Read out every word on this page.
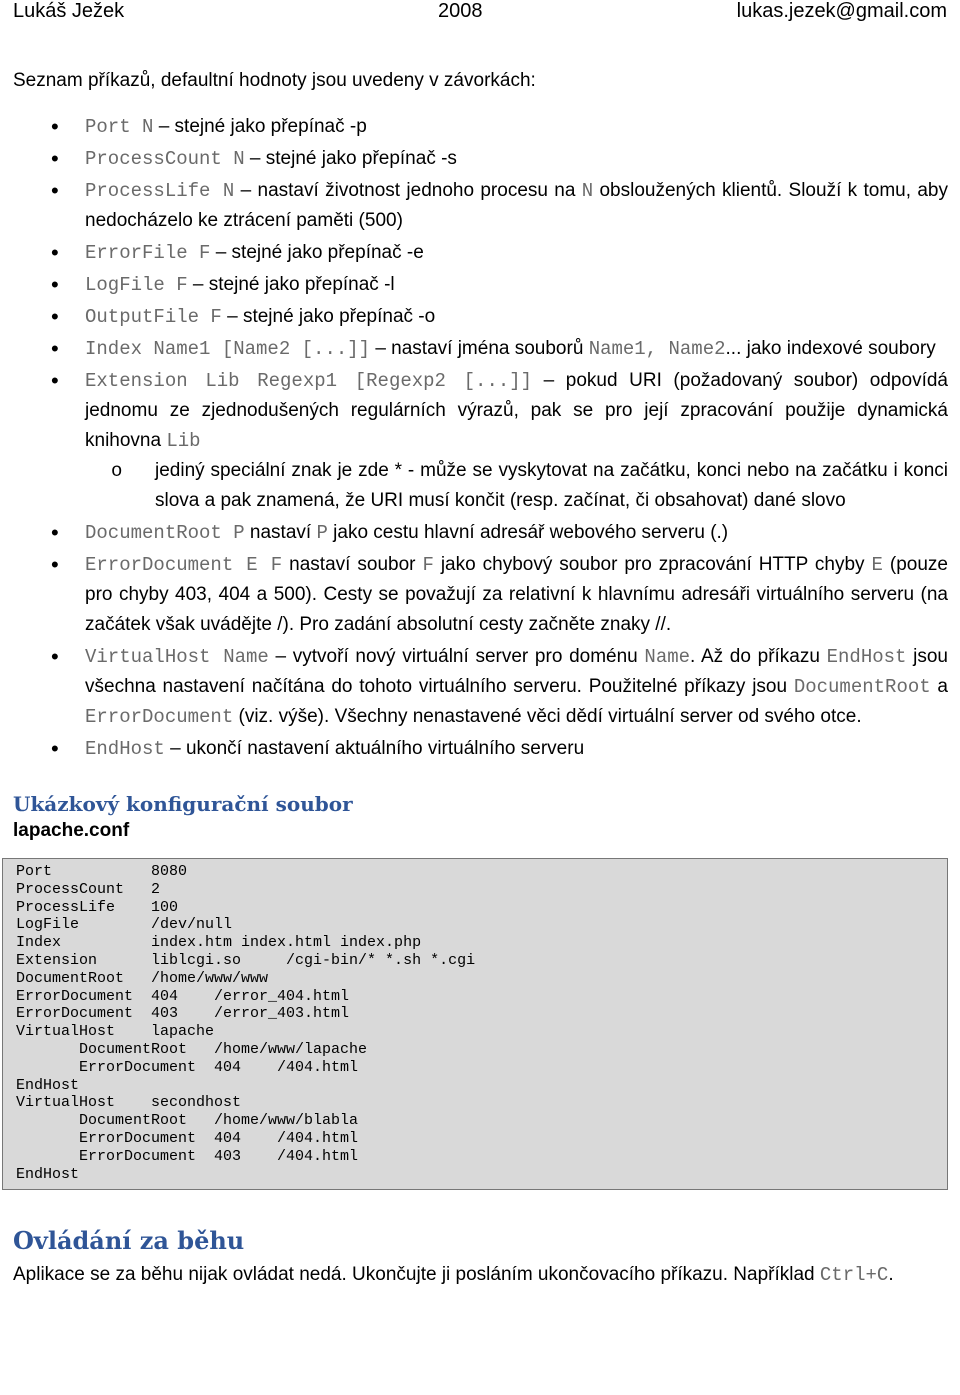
Lukáš Ježek	2008	lukas.jezek@gmail.com

Seznam příkazů, defaultní hodnoty jsou uvedeny v závorkách:

• Port N – stejné jako přepínač -p
• ProcessCount N – stejné jako přepínač -s
• ProcessLife N – nastaví životnost jednoho procesu na N obsloužených klientů. Slouží k tomu, aby nedocházelo ke ztrácení paměti (500)
• ErrorFile F – stejné jako přepínač -e
• LogFile F – stejné jako přepínač -l
• OutputFile F – stejné jako přepínač -o
• Index Name1 [Name2 [...]] – nastaví jména souborů Name1, Name2... jako indexové soubory
• Extension Lib Regexp1 [Regexp2 [...]] – pokud URI (požadovaný soubor) odpovídá jednomu ze zjednodušených regulárních výrazů, pak se pro její zpracování použije dynamická knihovna Lib
o jediný speciální znak je zde * - může se vyskytovat na začátku, konci nebo na začátku i konci slova a pak znamená, že URI musí končit (resp. začínat, či obsahovat) dané slovo
• DocumentRoot P nastaví P jako cestu hlavní adresář webového serveru (.)
• ErrorDocument E F nastaví soubor F jako chybový soubor pro zpracování HTTP chyby E (pouze pro chyby 403, 404 a 500). Cesty se považují za relativní k hlavnímu adresáři virtuálního serveru (na začátek však uvádějte /). Pro zadání absolutní cesty začněte znaky //.
• VirtualHost Name – vytvoří nový virtuální server pro doménu Name. Až do příkazu EndHost jsou všechna nastavení načítána do tohoto virtuálního serveru. Použitelné příkazy jsou DocumentRoot a ErrorDocument (viz. výše). Všechny nenastavené věci dědí virtuální server od svého otce.
• EndHost – ukončí nastavení aktuálního virtuálního serveru
Ukázkový konfigurační soubor

lapache.conf

Port           8080
ProcessCount   2
ProcessLife    100
LogFile        /dev/null
Index          index.htm index.html index.php
Extension      liblcgi.so     /cgi-bin/* *.sh *.cgi
DocumentRoot   /home/www/www
ErrorDocument  404    /error_404.html
ErrorDocument  403    /error_403.html
VirtualHost    lapache
DocumentRoot   /home/www/lapache
ErrorDocument  404    /404.html
EndHost
VirtualHost    secondhost
DocumentRoot   /home/www/blabla
ErrorDocument  404    /404.html
ErrorDocument  403    /404.html
EndHost
Ovládání za běhu

Aplikace se za běhu nijak ovládat nedá. Ukončujte ji posláním ukončovacího příkazu. Například Ctrl+C.
